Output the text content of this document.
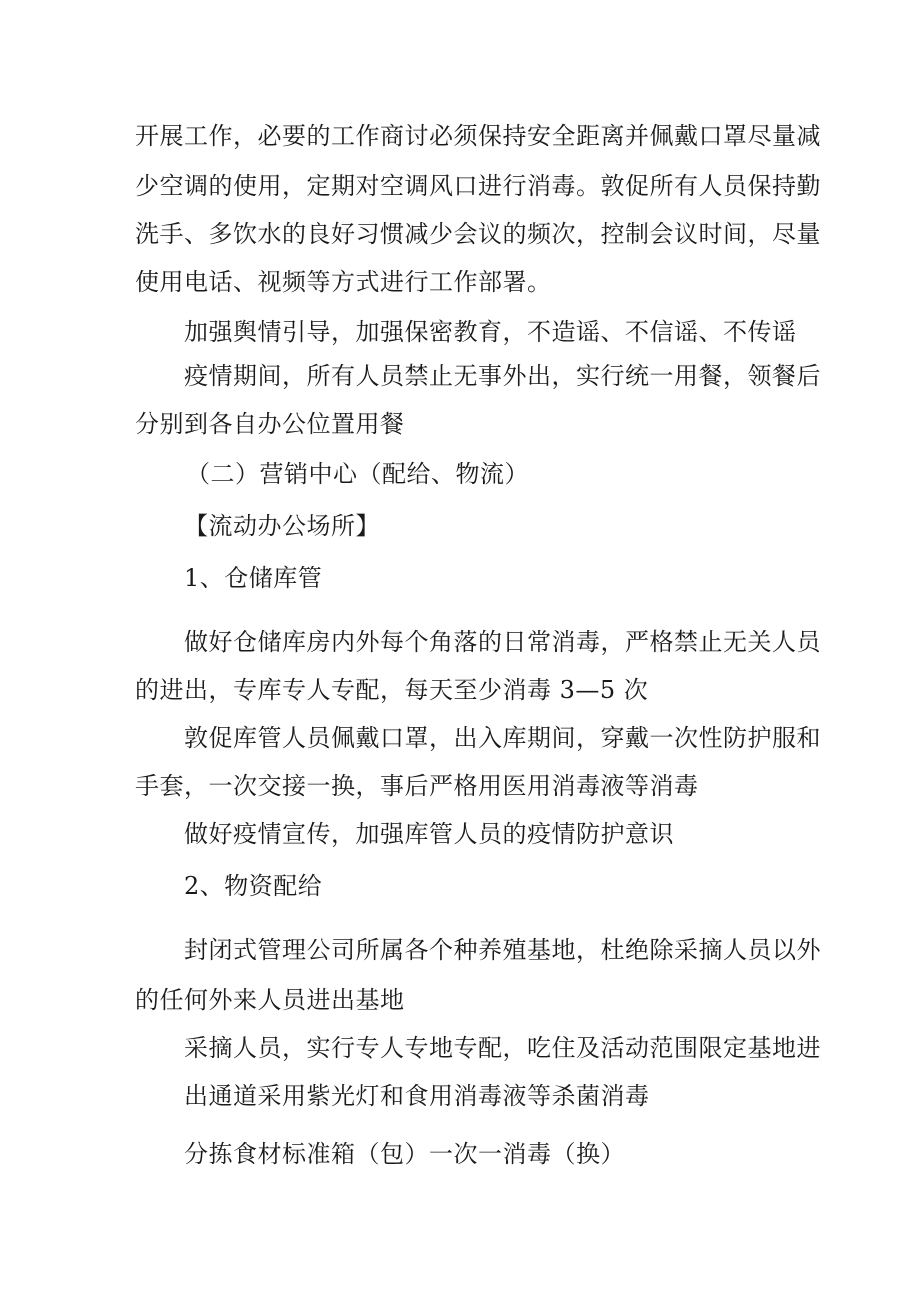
开展工作，必要的工作商讨必须保持安全距离并佩戴口罩尽量减

少空调的使用，定期对空调风口进行消毒。敦促所有人员保持勤

洗手、多饮水的良好习惯减少会议的频次，控制会议时间，尽量

使用电话、视频等方式进行工作部署。

加强舆情引导，加强保密教育，不造谣、不信谣、不传谣

疫情期间，所有人员禁止无事外出，实行统一用餐，领餐后

分别到各自办公位置用餐

（二）营销中心（配给、物流）

【流动办公场所】

1、仓储库管

做好仓储库房内外每个角落的日常消毒，严格禁止无关人员

的进出，专库专人专配，每天至少消毒 3—5 次

敦促库管人员佩戴口罩，出入库期间，穿戴一次性防护服和

手套，一次交接一换，事后严格用医用消毒液等消毒

做好疫情宣传，加强库管人员的疫情防护意识

2、物资配给

封闭式管理公司所属各个种养殖基地，杜绝除采摘人员以外

的任何外来人员进出基地

采摘人员，实行专人专地专配，吃住及活动范围限定基地进

出通道采用紫光灯和食用消毒液等杀菌消毒

分拣食材标准箱（包）一次一消毒（换）
